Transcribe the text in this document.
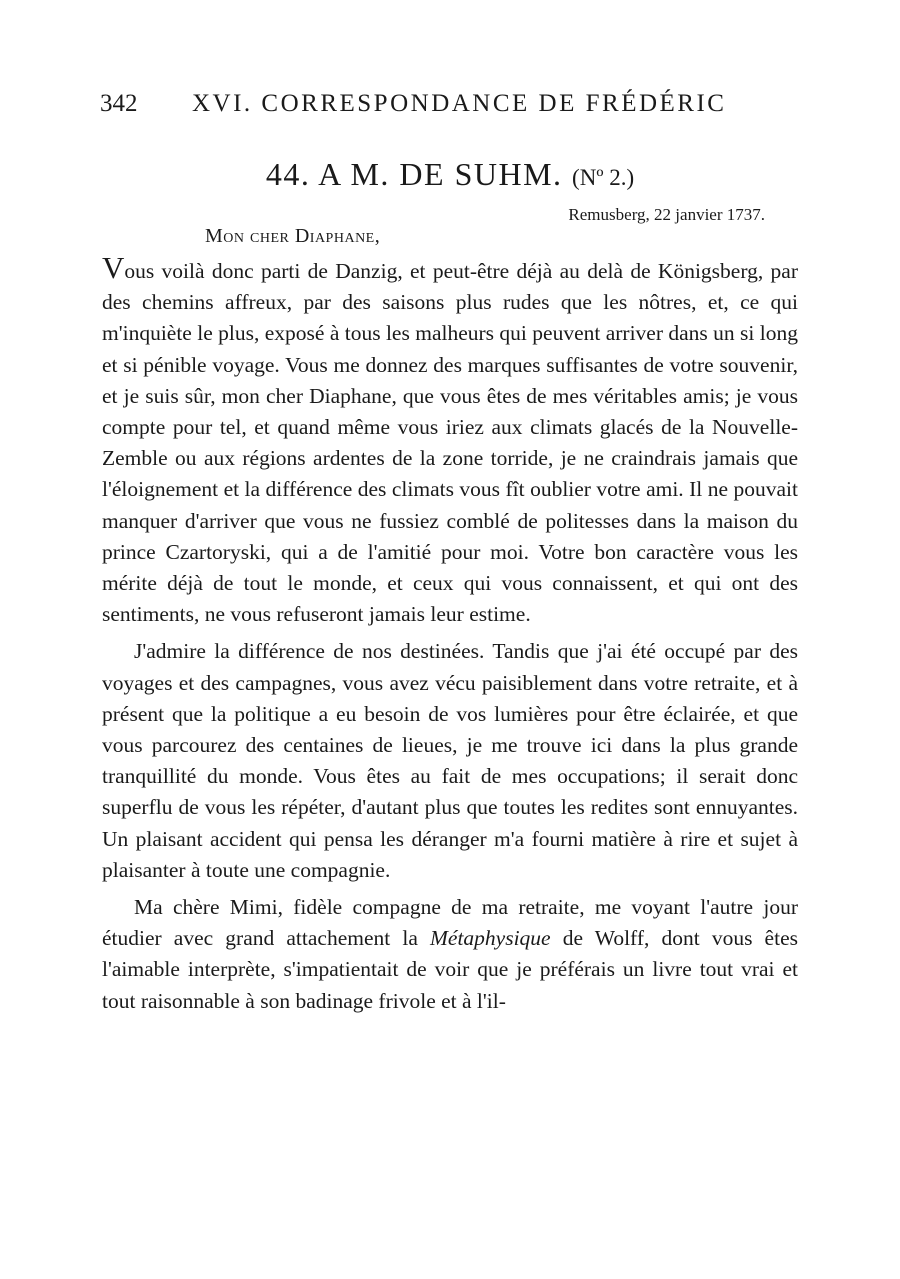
342 XVI. CORRESPONDANCE DE FRÉDÉRIC
44. A M. DE SUHM. (Nº 2.)
Remusberg, 22 janvier 1737.
Mon cher Diaphane,

Vous voilà donc parti de Danzig, et peut-être déjà au delà de Königsberg, par des chemins affreux, par des saisons plus rudes que les nôtres, et, ce qui m'inquiète le plus, exposé à tous les malheurs qui peuvent arriver dans un si long et si pénible voyage. Vous me donnez des marques suffisantes de votre souvenir, et je suis sûr, mon cher Diaphane, que vous êtes de mes véritables amis; je vous compte pour tel, et quand même vous iriez aux climats glacés de la Nouvelle-Zemble ou aux régions ardentes de la zone torride, je ne craindrais jamais que l'éloignement et la différence des climats vous fît oublier votre ami. Il ne pouvait manquer d'arriver que vous ne fussiez comblé de politesses dans la maison du prince Czartoryski, qui a de l'amitié pour moi. Votre bon caractère vous les mérite déjà de tout le monde, et ceux qui vous connaissent, et qui ont des sentiments, ne vous refuseront jamais leur estime.

J'admire la différence de nos destinées. Tandis que j'ai été occupé par des voyages et des campagnes, vous avez vécu paisiblement dans votre retraite, et à présent que la politique a eu besoin de vos lumières pour être éclairée, et que vous parcourez des centaines de lieues, je me trouve ici dans la plus grande tranquillité du monde. Vous êtes au fait de mes occupations; il serait donc superflu de vous les répéter, d'autant plus que toutes les redites sont ennuyantes. Un plaisant accident qui pensa les déranger m'a fourni matière à rire et sujet à plaisanter à toute une compagnie.

Ma chère Mimi, fidèle compagne de ma retraite, me voyant l'autre jour étudier avec grand attachement la Métaphysique de Wolff, dont vous êtes l'aimable interprète, s'impatientait de voir que je préférais un livre tout vrai et tout raisonnable à son badinage frivole et à l'il-
